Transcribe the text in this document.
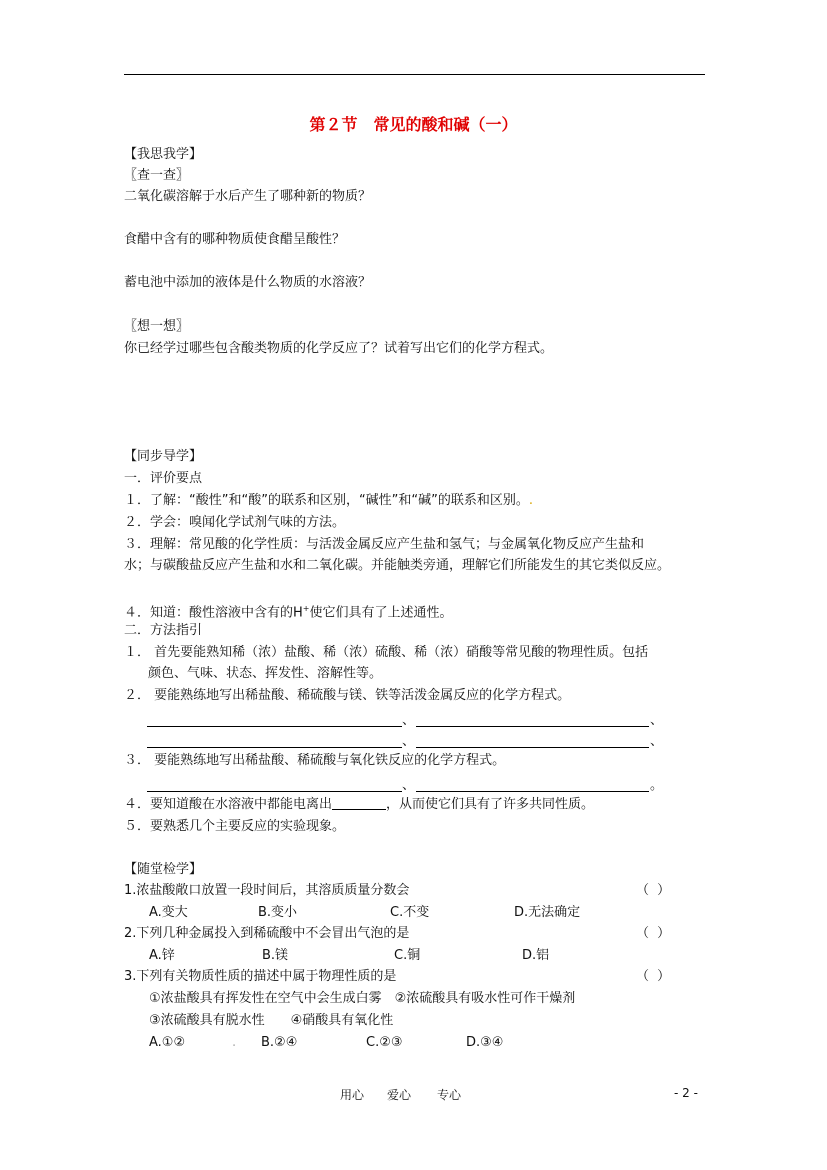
第２节　常见的酸和碱（一）
【我思我学】
〖查一查〗
二氧化碳溶解于水后产生了哪种新的物质？
食醋中含有的哪种物质使食醋呈酸性？
蓄电池中添加的液体是什么物质的水溶液？
〖想一想〗
你已经学过哪些包含酸类物质的化学反应了？试着写出它们的化学方程式。
【同步导学】
一．评价要点
１．了解：“酸性”和“酸”的联系和区别，“碱性”和“碱”的联系和区别。.
２．学会：嗅闻化学试剂气味的方法。
３．理解：常见酸的化学性质：与活泼金属反应产生盐和氢气；与金属氧化物反应产生盐和
水；与碳酸盐反应产生盐和水和二氧化碳。并能触类旁通，理解它们所能发生的其它类似反应。
４．知道：酸性溶液中含有的H+使它们具有了上述通性。
二．方法指引
１． 首先要能熟知稀（浓）盐酸、稀（浓）硫酸、稀（浓）硝酸等常见酸的物理性质。包括
颜色、气味、状态、挥发性、溶解性等。
２． 要能熟练地写出稀盐酸、稀硫酸与镁、铁等活泼金属反应的化学方程式。
、	、
、	、
３． 要能熟练地写出稀盐酸、稀硫酸与氧化铁反应的化学方程式。
、	。
４．要知道酸在水溶液中都能电离出	，从而使它们具有了许多共同性质。
５．要熟悉几个主要反应的实验现象。
【随堂检学】
1.浓盐酸敞口放置一段时间后，其溶质质量分数会	（ ）
A.变大	B.变小	C.不变	D.无法确定
2.下列几种金属投入到稀硫酸中不会冒出气泡的是	（ ）
A.锌	B.镁	C.铜	D.铝
3.下列有关物质性质的描述中属于物理性质的是	（ ）
①浓盐酸具有挥发性在空气中会生成白雾　②浓硫酸具有吸水性可作干燥剂
③浓硫酸具有脱水性　　④硝酸具有氧化性
A.①②	. B.②④	C.②③	D.③④
用心 爱心 专心	- 2 -
